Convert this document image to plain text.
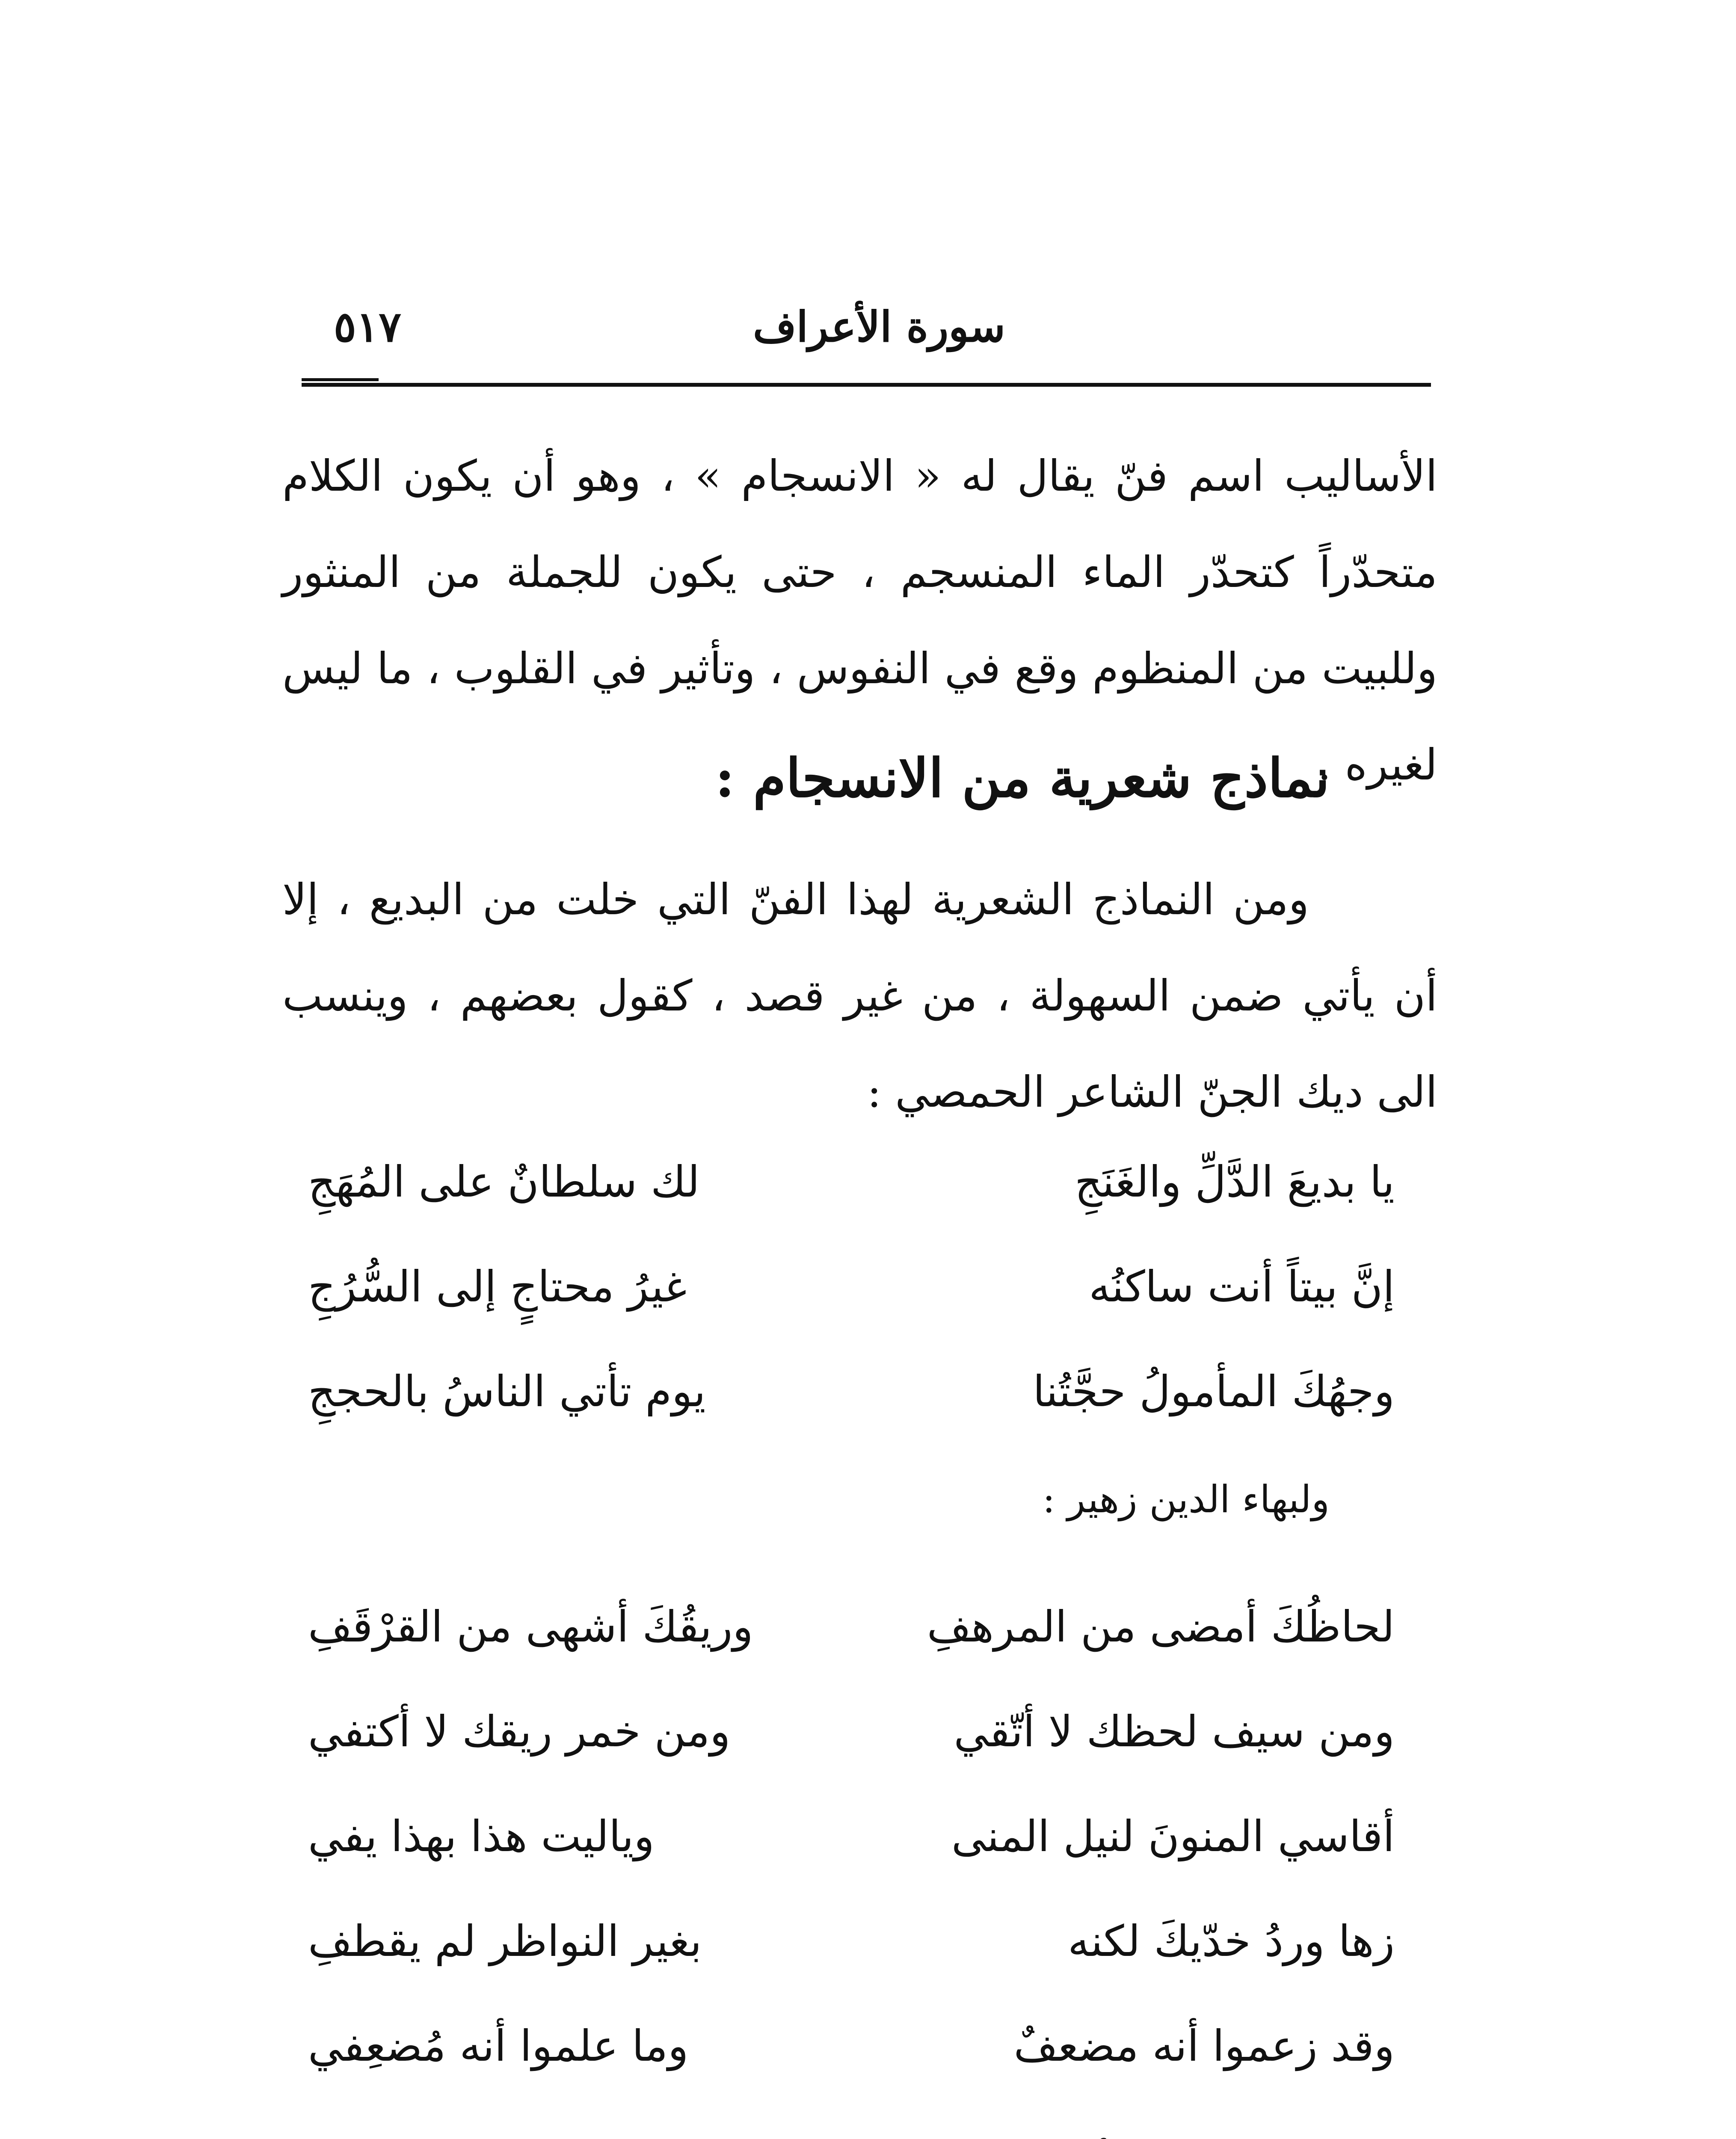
سورة الأعراف
٥١٧

الأساليب اسم فنّ يقال له « الانسجام » ، وهو أن يكون الكلام متحدّراً كتحدّر الماء المنسجم ، حتى يكون للجملة من المنثور وللبيت من المنظوم وقع في النفوس ، وتأثير في القلوب ، ما ليس لغيره .

نماذج شعرية من الانسجام :

ومن النماذج الشعرية لهذا الفنّ التي خلت من البديع ، إلا أن يأتي ضمن السهولة ، من غير قصد ، كقول بعضهم ، وينسب الى ديك الجنّ الشاعر الحمصي :

يا بديعَ الدَّلِّ والغَنَجِ
لك سلطانٌ على المُهَجِ
إنَّ بيتاً أنت ساكنُه
غيرُ محتاجٍ إلى السُّرُجِ
وجهُكَ المأمولُ حجَّتُنا
يوم تأتي الناسُ بالحججِ

ولبهاء الدين زهير :

لحاظُكَ أمضى من المرهفِ
وريقُكَ أشهى من القرْقَفِ
ومن سيف لحظك لا أتّقي
ومن خمر ريقك لا أكتفي
أقاسي المنونَ لنيل المنى
وياليت هذا بهذا يفي
زها وردُ خدّيكَ لكنه
بغير النواظر لم يقطفِ
وقد زعموا أنه مضعفٌ
وما علموا أنه مُضعِفي
